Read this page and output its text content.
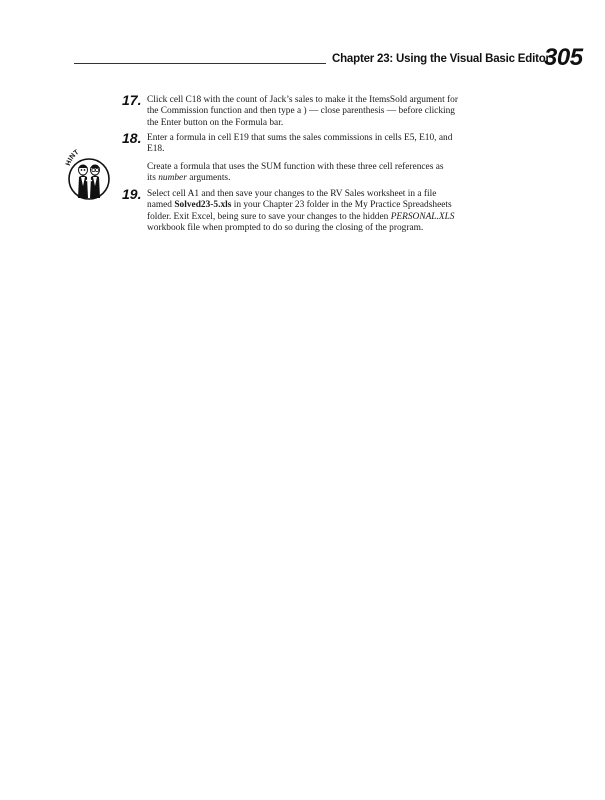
Chapter 23: Using the Visual Basic Editor
305
17. Click cell C18 with the count of Jack’s sales to make it the ItemsSold argument for
the Commission function and then type a ) — close parenthesis — before clicking
the Enter button on the Formula bar.
18. Enter a formula in cell E19 that sums the sales commissions in cells E5, E10, and
E18.
HINT
Create a formula that uses the SUM function with these three cell references as
its number arguments.
19. Select cell A1 and then save your changes to the RV Sales worksheet in a file
named Solved23-5.xls in your Chapter 23 folder in the My Practice Spreadsheets
folder. Exit Excel, being sure to save your changes to the hidden PERSONAL.XLS
workbook file when prompted to do so during the closing of the program.
